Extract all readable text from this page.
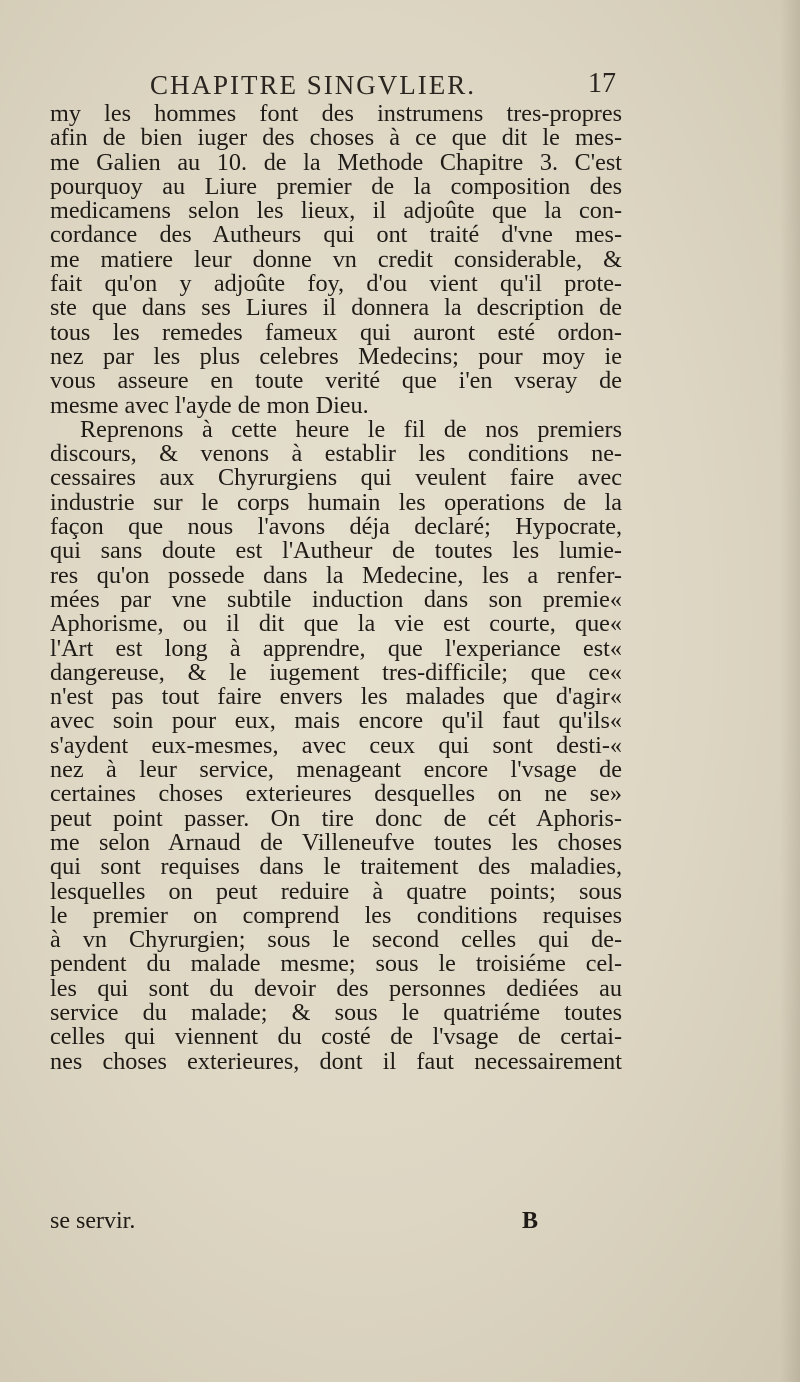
CHAPITRE SINGVLIER.	17
my les hommes font des instrumens tres-propres
afin de bien iuger des choses à ce que dit le mes-
me Galien au 10. de la Methode Chapitre 3. C'est
pourquoy au Liure premier de la composition des
medicamens selon les lieux, il adjoûte que la con-
cordance des Autheurs qui ont traité d'vne mes-
me matiere leur donne vn credit considerable, &
fait qu'on y adjoûte foy, d'ou vient qu'il prote-
ste que dans ses Liures il donnera la description de
tous les remedes fameux qui auront esté ordon-
nez par les plus celebres Medecins; pour moy ie
vous asseure en toute verité que i'en vseray de
mesme avec l'ayde de mon Dieu.
Reprenons à cette heure le fil de nos premiers
discours, & venons à establir les conditions ne-
cessaires aux Chyrurgiens qui veulent faire avec
industrie sur le corps humain les operations de la
façon que nous l'avons déja declaré; Hypocrate,
qui sans doute est l'Autheur de toutes les lumie-
res qu'on possede dans la Medecine, les a renfer-
mées par vne subtile induction dans son premie«
Aphorisme, ou il dit que la vie est courte, que«
l'Art est long à apprendre, que l'experiance est«
dangereuse, & le iugement tres-difficile; que ce«
n'est pas tout faire envers les malades que d'agir«
avec soin pour eux, mais encore qu'il faut qu'ils«
s'aydent eux-mesmes, avec ceux qui sont desti-«
nez à leur service, menageant encore l'vsage de
certaines choses exterieures desquelles on ne se»
peut point passer. On tire donc de cét Aphoris-
me selon Arnaud de Villeneufve toutes les choses
qui sont requises dans le traitement des maladies,
lesquelles on peut reduire à quatre points; sous
le premier on comprend les conditions requises
à vn Chyrurgien; sous le second celles qui de-
pendent du malade mesme; sous le troisiéme cel-
les qui sont du devoir des personnes dediées au
service du malade; & sous le quatriéme toutes
celles qui viennent du costé de l'vsage de certai-
nes choses exterieures, dont il faut necessairement
se servir.	B
